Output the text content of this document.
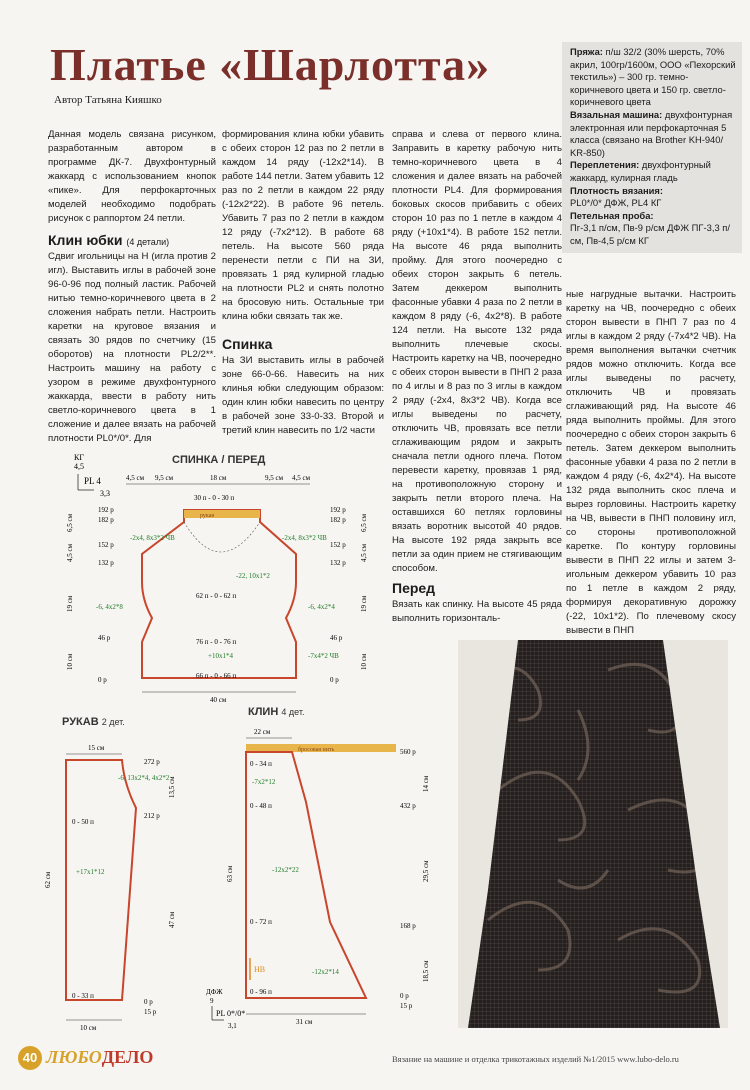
Платье «Шарлотта»
Автор Татьяна Кияшко
Пряжа: п/ш 32/2 (30% шерсть, 70% акрил, 100гр/1600м, ООО «Пехорский текстиль») – 300 гр. темно-коричневого цвета и 150 гр. светло-коричневого цвета
Вязальная машина: двухфонтурная электронная или перфокарточная 5 класса (связано на Brother KH-940/ KR-850)
Переплетения: двухфонтурный жаккард, кулирная гладь
Плотность вязания:
PL0*/0* ДФЖ, PL4 КГ
Петельная проба:
Пг-3,1 п/см, Пв-9 р/см ДФЖ ПГ-3,3 п/см, Пв-4,5 р/см КГ
Данная модель связана рисунком, разработанным автором в программе ДК-7. Двухфонтурный жаккард с использованием кнопок «пике». Для перфокарточных моделей необходимо подобрать рисунок с раппортом 24 петли.
Клин юбки (4 детали)
Сдвиг игольницы на Н (игла против 2 игл). Выставить иглы в рабочей зоне 96-0-96 под полный ластик. Рабочей нитью темно-коричневого цвета в 2 сложения набрать петли. Настроить каретки на круговое вязания и связать 30 рядов по счетчику (15 оборотов) на плотности PL2/2**. Настроить машину на работу с узором в режиме двухфонтурного жаккарда, ввести в работу нить светло-коричневого цвета в 1 сложение и далее вязать на рабочей плотности PL0*/0*. Для
формирования клина юбки убавить с обеих сторон 12 раз по 2 петли в каждом 14 ряду (-12х2*14). В работе 144 петли. Затем убавить 12 раз по 2 петли в каждом 22 ряду (-12х2*22). В работе 96 петель. Убавить 7 раз по 2 петли в каждом 12 ряду (-7х2*12). В работе 68 петель. На высоте 560 ряда перенести петли с ПИ на ЗИ, провязать 1 ряд кулирной гладью на плотности PL2 и снять полотно на бросовую нить. Остальные три клина юбки связать так же.
Спинка
На ЗИ выставить иглы в рабочей зоне 66-0-66. Навесить на них клинья юбки следующим образом: один клин юбки навесить по центру в рабочей зоне 33-0-33. Второй и третий клин навесить по 1/2 части
справа и слева от первого клина. Заправить в каретку рабочую нить темно-коричневого цвета в 4 сложения и далее вязать на рабочей плотности PL4. Для формирования боковых скосов прибавить с обеих сторон 10 раз по 1 петле в каждом 4 ряду (+10х1*4). В работе 152 петли. На высоте 46 ряда выполнить пройму. Для этого поочередно с обеих сторон закрыть 6 петель. Затем деккером выполнить фасонные убавки 4 раза по 2 петли в каждом 8 ряду (-6, 4х2*8). В работе 124 петли. На высоте 132 ряда выполнить плечевые скосы. Настроить каретку на ЧВ, поочередно с обеих сторон вывести в ПНП 2 раза по 4 иглы и 8 раз по 3 иглы в каждом 2 ряду (-2х4, 8х3*2 ЧВ). Когда все иглы выведены по расчету, отключить ЧВ, провязать все петли сглаживающим рядом и закрыть сначала петли одного плеча. Потом перевести каретку, провязав 1 ряд, на противоположную сторону и закрыть петли второго плеча. На оставшихся 60 петлях горловины вязать воротник высотой 40 рядов. На высоте 192 ряда закрыть все петли за один прием не стягивающим способом.
Перед
Вязать как спинку. На высоте 45 ряда выполнить горизонталь-
ные нагрудные вытачки. Настроить каретку на ЧВ, поочередно с обеих сторон вывести в ПНП 7 раз по 4 иглы в каждом 2 ряду (-7х4*2 ЧВ). На время выполнения вытачки счетчик рядов можно отключить. Когда все иглы выведены по расчету, отключить ЧВ и провязать сглаживающий ряд. На высоте 46 ряда выполнить проймы. Для этого поочередно с обеих сторон закрыть 6 петель. Затем деккером выполнить фасонные убавки 4 раза по 2 петли в каждом 4 ряду (-6, 4х2*4). На высоте 132 ряда выполнить скос плеча и вырез горловины. Настроить каретку на ЧВ, вывести в ПНП половину игл, со стороны противоположной каретке. По контуру горловины вывести в ПНП 22 иглы и затем 3-игольным деккером убавить 10 раз по 1 петле в каждом 2 ряду, формируя декоративную дорожку (-22, 10х1*2). По плечевому скосу вывести в ПНП
СПИНКА / ПЕРЕД
КГ
4,5
PL 4
3,3
4,5 см 9,5 см	18 см	9,5 см 4,5 см
30 п - 0 - 30 п
рукав
192 р
182 р
152 р
132 р
46 р
0 р
192 р
182 р
152 р
132 р
46 р
0 р
6,5 см
4,5 см
19 см
10 см
6,5 см
4,5 см
19 см
10 см
-2х4, 8х3*2 ЧВ	-2х4, 8х3*2 ЧВ
-22, 10х1*2
-6, 4х2*8	-6, 4х2*4
-7х4*2 ЧВ
+10х1*4
62 п - 0 - 62 п
76 п - 0 - 76 п
66 п - 0 - 66 п
40 см
РУКАВ 2 дет.
15 см
272 р
212 р
0 р
15 р
13,5 см
47 см
62 см
-6, 13х2*4, 4х2*2
0 - 50 п
+17х1*12
0 - 33 п
10 см
КЛИН 4 дет.
22 см
бросовая нить	560 р
432 р
168 р
0 р
15 р
14 см
29,5 см
18,5 см
63 см
-7х2*12
-12х2*22
-12х2*14
0 - 34 п
0 - 48 п
0 - 72 п
0 - 96 п
НВ
ДФЖ
9
PL 0*/0*
3,1	31 см
40 ЛЮБОДЕЛО	Вязание на машине и отделка трикотажных изделий №1/2015 www.lubo-delo.ru
